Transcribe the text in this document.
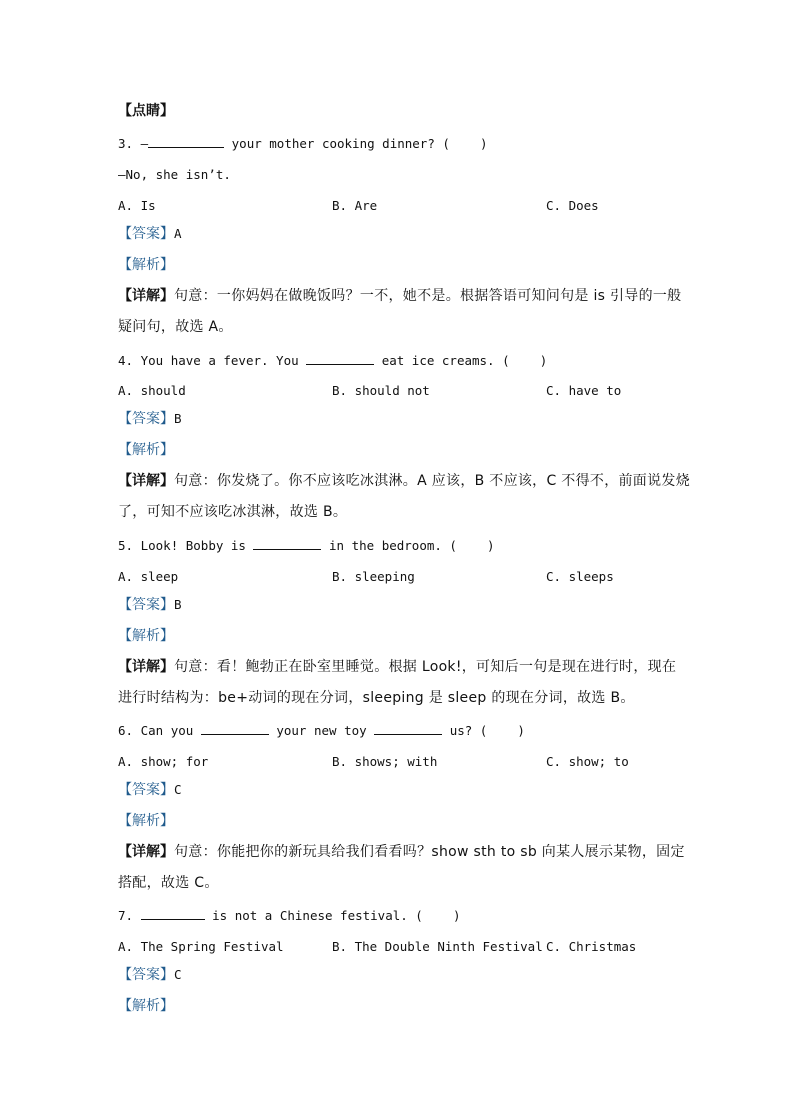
【点睛】
3. —	your mother cooking dinner? (    )
—No, she isn’t.
A. Is	B. Are	C. Does
【答案】A
【解析】
【详解】句意：一你妈妈在做晚饭吗？一不，她不是。根据答语可知问句是 is 引导的一般
疑问句，故选 A。
4. You have a fever. You	eat ice creams. (    )
A. should	B. should not	C. have to
【答案】B
【解析】
【详解】句意：你发烧了。你不应该吃冰淇淋。A 应该，B 不应该，C 不得不，前面说发烧
了，可知不应该吃冰淇淋，故选 B。
5. Look! Bobby is	in the bedroom. (    )
A. sleep	B. sleeping	C. sleeps
【答案】B
【解析】
【详解】句意：看！鲍勃正在卧室里睡觉。根据 Look!，可知后一句是现在进行时，现在
进行时结构为：be+动词的现在分词，sleeping 是 sleep 的现在分词，故选 B。
6. Can you	your new toy	us? (    )
A. show; for	B. shows; with	C. show; to
【答案】C
【解析】
【详解】句意：你能把你的新玩具给我们看看吗？show sth to sb 向某人展示某物，固定
搭配，故选 C。
7.	is not a Chinese festival. (    )
A. The Spring Festival	B. The Double Ninth Festival C. Christmas
【答案】C
【解析】
